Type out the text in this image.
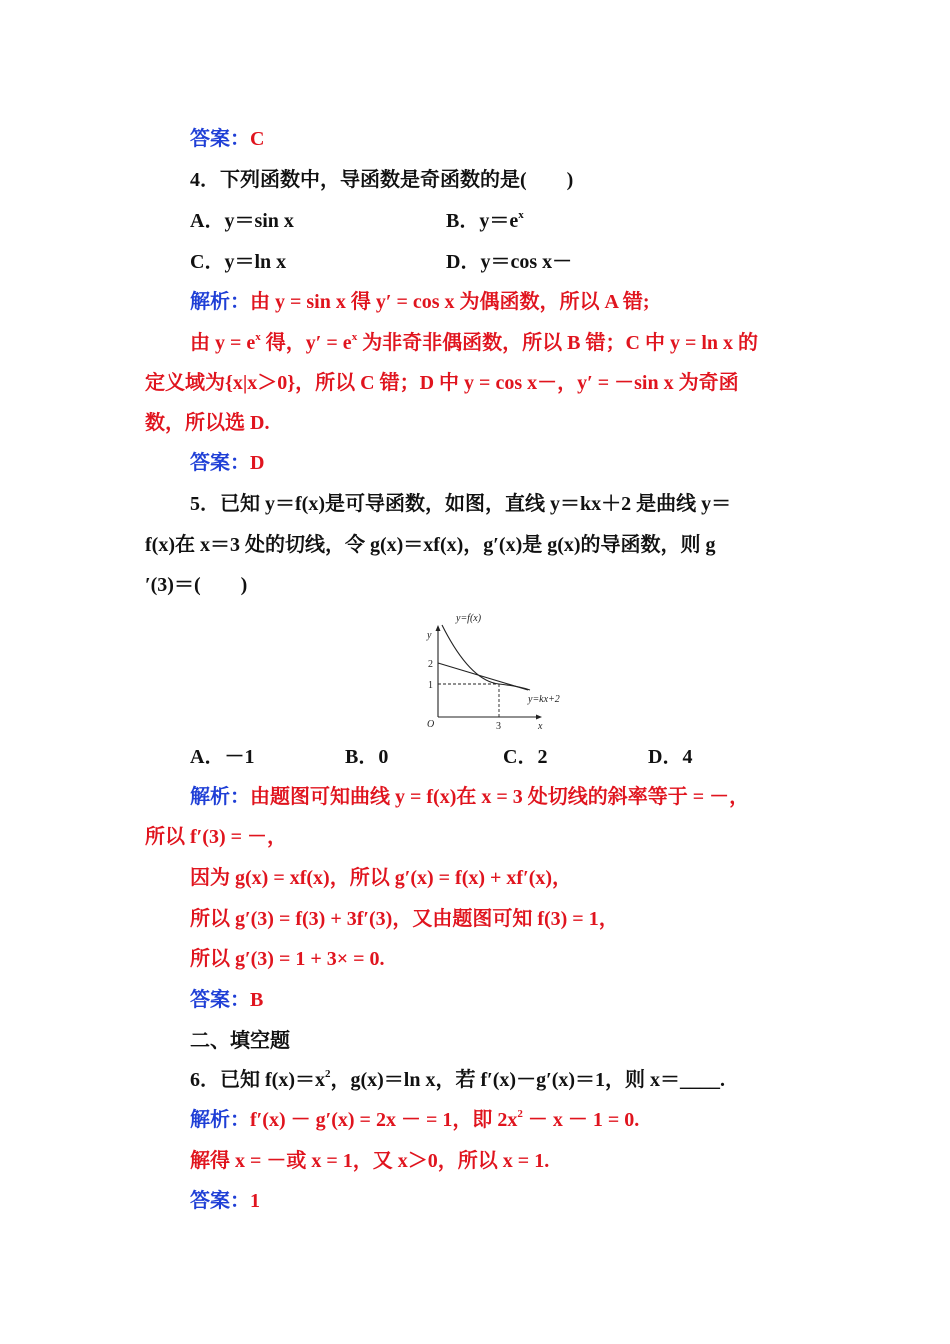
答案：C
4．下列函数中，导函数是奇函数的是(　　)
A．y＝sin x	B．$y=e^x$
C．y＝ln x	D．y＝cos x－
解析：由 y = sin x 得 y′ = cos x 为偶函数，所以 A 错;
由 $y = e^x$ 得，$y' = e^x$ 为非奇非偶函数，所以 B 错；C 中 y = ln x 的
定义域为{x|x＞0}，所以 C 错；D 中 y = cos x－，y′ = －sin x 为奇函
数，所以选 D.
答案：D
5．已知 y＝f(x)是可导函数，如图，直线 y＝kx＋2 是曲线 y＝
f(x)在 x＝3 处的切线，令 g(x)＝xf(x)，g′(x)是 g(x)的导函数，则 g
′(3)＝(　　)
y=f(x)
y=kx+2
y
x
O
2
1
3
A．－1	B．0	C．2	D．4
解析：由题图可知曲线 y = f(x)在 x = 3 处切线的斜率等于 = －，
所以 f′(3) = －，
因为 g(x) = xf(x)，所以 g′(x) = f(x) + xf′(x)，
所以 g′(3) = f(3) + 3f′(3)，又由题图可知 f(3) = 1，
所以 g′(3) = 1 + 3× = 0.
答案：B
二、填空题
6．已知 $f(x)=x^2$，g(x)＝ln x，若 f′(x)－g′(x)＝1，则 x＝____.
解析：f′(x) － g′(x) = 2x － = 1，即 $2x^2 - x - 1 = 0$.
解得 x = －或 x = 1，又 x＞0，所以 x = 1.
答案：1
